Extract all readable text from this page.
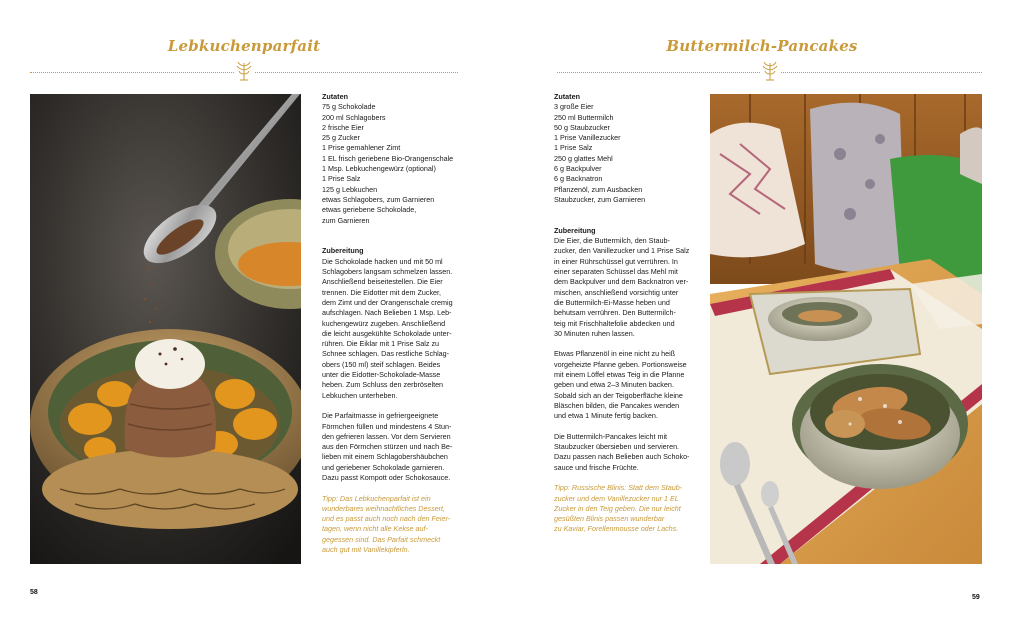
Lebkuchenparfait
Zutaten
75 g Schokolade
200 ml Schlagobers
2 frische Eier
25 g Zucker
1 Prise gemahlener Zimt
1 EL frisch geriebene Bio-Orangenschale
1 Msp. Lebkuchengewürz (optional)
1 Prise Salz
125 g Lebkuchen
etwas Schlagobers, zum Garnieren
etwas geriebene Schokolade,
zum Garnieren
Zubereitung
Die Schokolade hacken und mit 50 ml
Schlagobers langsam schmelzen lassen.
Anschließend beiseitestellen. Die Eier
trennen. Die Eidotter mit dem Zucker,
dem Zimt und der Orangenschale cremig
aufschlagen. Nach Belieben 1 Msp. Leb-
kuchengewürz zugeben. Anschließend
die leicht ausgekühlte Schokolade unter-
rühren. Die Eiklar mit 1 Prise Salz zu
Schnee schlagen. Das restliche Schlag-
obers (150 ml) steif schlagen. Beides
unter die Eidotter-Schokolade-Masse
heben. Zum Schluss den zerbröselten
Lebkuchen unterheben.
Die Parfaitmasse in gefriergeeignete
Förmchen füllen und mindestens 4 Stun-
den gefrieren lassen. Vor dem Servieren
aus den Förmchen stürzen und nach Be-
lieben mit einem Schlagobershäubchen
und geriebener Schokolade garnieren.
Dazu passt Kompott oder Schokosauce.
Tipp: Das Lebkuchenparfait ist ein
wunderbares weihnachtliches Dessert,
und es passt auch noch nach den Feier-
tagen, wenn nicht alle Kekse auf-
gegessen sind. Das Parfait schmeckt
auch gut mit Vanillekipferln.
58
Buttermilch-Pancakes
Zutaten
3 große Eier
250 ml Buttermilch
50 g Staubzucker
1 Prise Vanillezucker
1 Prise Salz
250 g glattes Mehl
6 g Backpulver
6 g Backnatron
Pflanzenöl, zum Ausbacken
Staubzucker, zum Garnieren
Zubereitung
Die Eier, die Buttermilch, den Staub-
zucker, den Vanillezucker und 1 Prise Salz
in einer Rührschüssel gut verrühren. In
einer separaten Schüssel das Mehl mit
dem Backpulver und dem Backnatron ver-
mischen, anschließend vorsichtig unter
die Buttermilch-Ei-Masse heben und
behutsam verrühren. Den Buttermilch-
teig mit Frischhaltefolie abdecken und
30 Minuten ruhen lassen.
Etwas Pflanzenöl in eine nicht zu heiß
vorgeheizte Pfanne geben. Portionsweise
mit einem Löffel etwas Teig in die Pfanne
geben und etwa 2–3 Minuten backen.
Sobald sich an der Teigoberfläche kleine
Bläschen bilden, die Pancakes wenden
und etwa 1 Minute fertig backen.
Die Buttermilch-Pancakes leicht mit
Staubzucker übersieben und servieren.
Dazu passen nach Belieben auch Schoko-
sauce und frische Früchte.
Tipp: Russische Blinis: Statt dem Staub-
zucker und dem Vanillezucker nur 1 EL
Zucker in den Teig geben. Die nur leicht
gesüßten Blinis passen wunderbar
zu Kaviar, Forellenmousse oder Lachs.
59
